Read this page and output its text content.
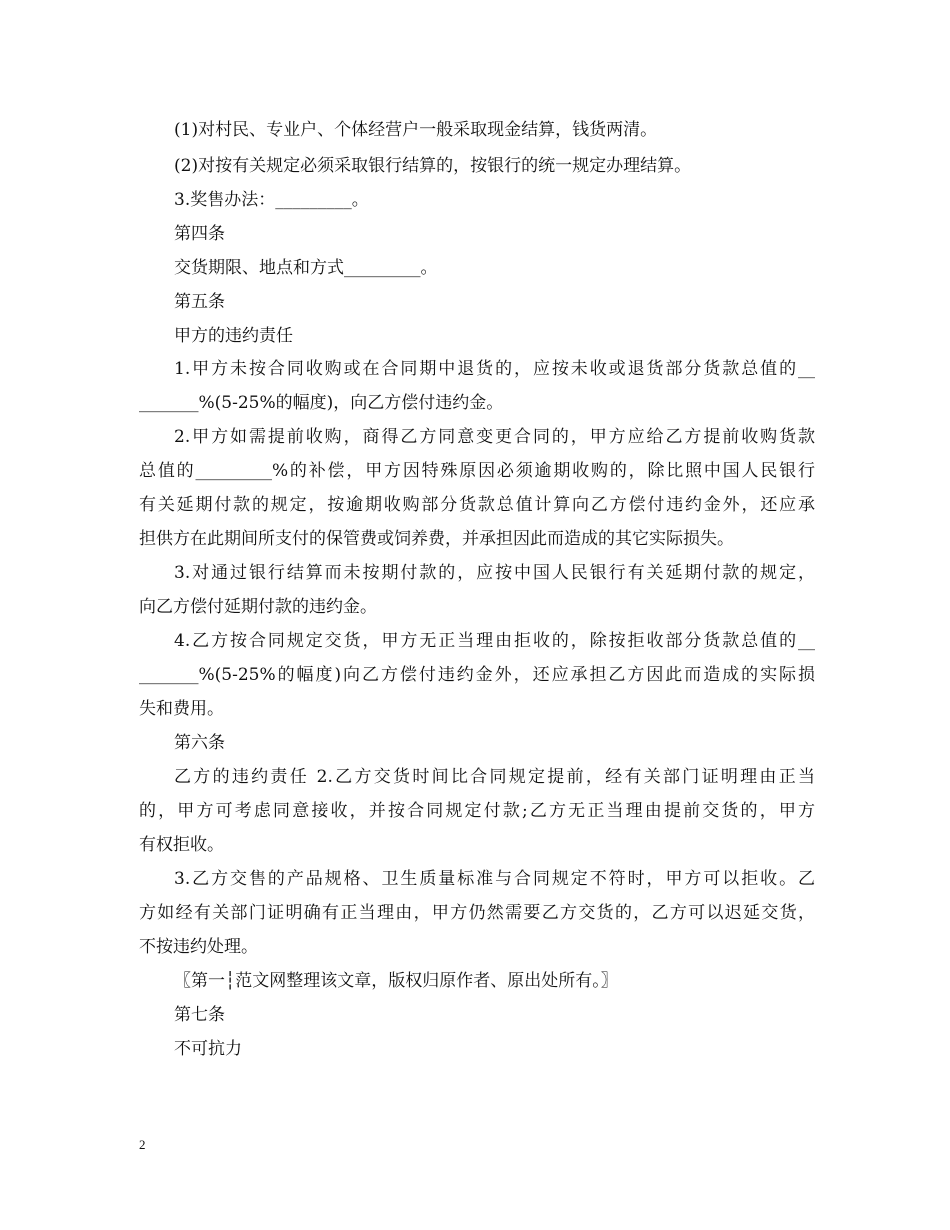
(1)对村民、专业户、个体经营户一般采取现金结算，钱货两清。

(2)对按有关规定必须采取银行结算的，按银行的统一规定办理结算。

3.奖售办法：_________。

第四条

交货期限、地点和方式_________。

第五条

甲方的违约责任

1.甲方未按合同收购或在合同期中退货的，应按未收或退货部分货款总值的__

_______%(5-25%的幅度)，向乙方偿付违约金。

2.甲方如需提前收购，商得乙方同意变更合同的，甲方应给乙方提前收购货款

总值的_________%的补偿，甲方因特殊原因必须逾期收购的，除比照中国人民银行

有关延期付款的规定，按逾期收购部分货款总值计算向乙方偿付违约金外，还应承

担供方在此期间所支付的保管费或饲养费，并承担因此而造成的其它实际损失。

3.对通过银行结算而未按期付款的，应按中国人民银行有关延期付款的规定，

向乙方偿付延期付款的违约金。

4.乙方按合同规定交货，甲方无正当理由拒收的，除按拒收部分货款总值的__

_______%(5-25%的幅度)向乙方偿付违约金外，还应承担乙方因此而造成的实际损

失和费用。

第六条

乙方的违约责任 2.乙方交货时间比合同规定提前，经有关部门证明理由正当

的，甲方可考虑同意接收，并按合同规定付款;乙方无正当理由提前交货的，甲方

有权拒收。

3.乙方交售的产品规格、卫生质量标准与合同规定不符时，甲方可以拒收。乙

方如经有关部门证明确有正当理由，甲方仍然需要乙方交货的，乙方可以迟延交货，

不按违约处理。

〖第一┆范文网整理该文章，版权归原作者、原出处所有。〗

第七条

不可抗力

2
